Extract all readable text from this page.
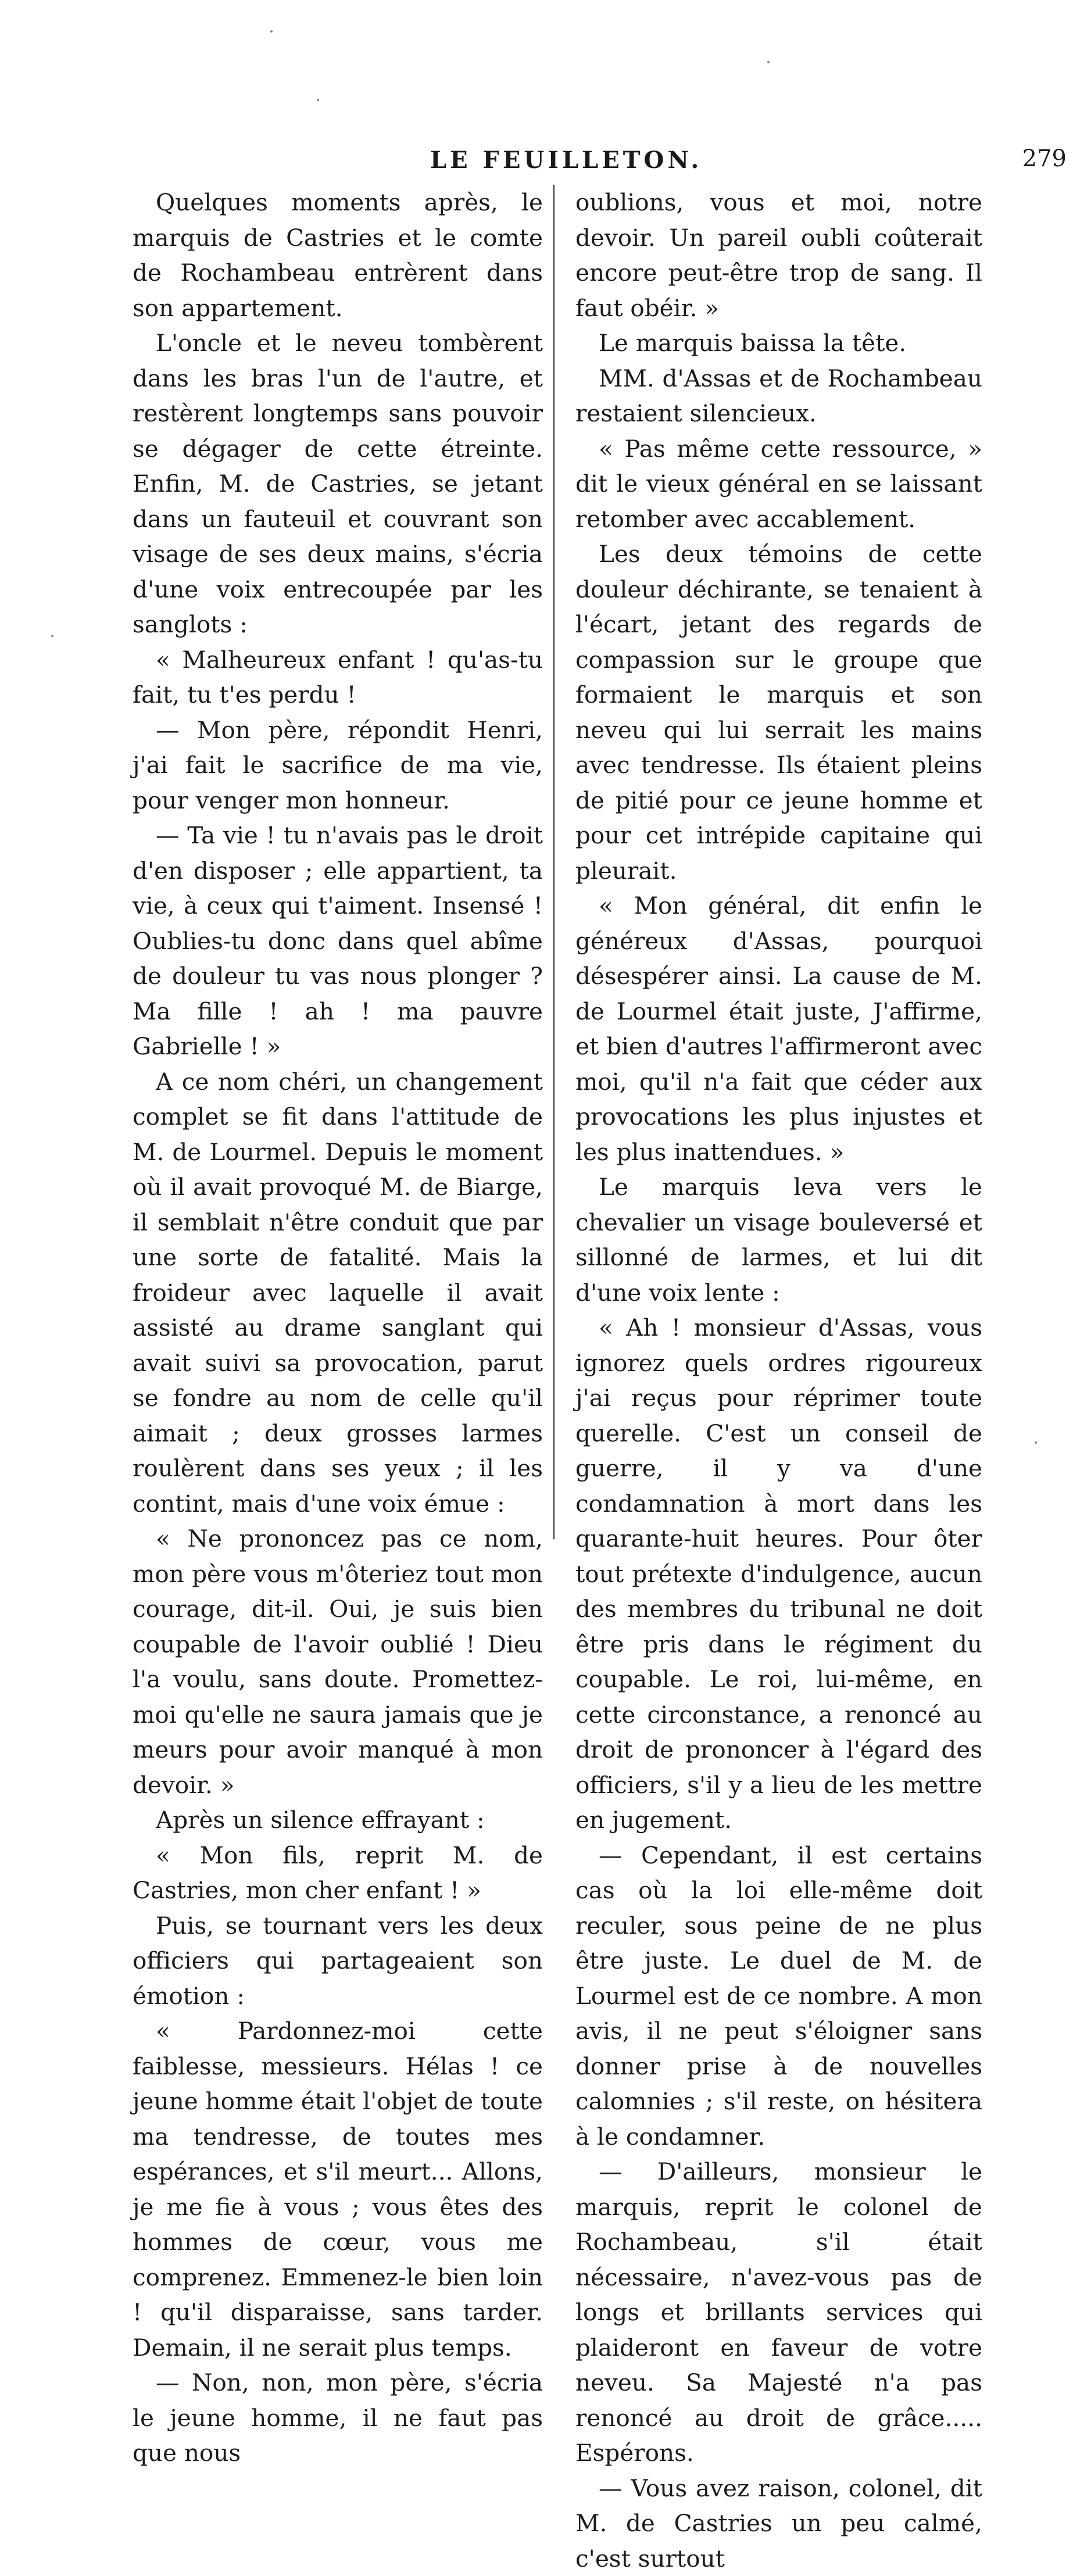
LE FEUILLETON.	279

Quelques moments après, le marquis de Castries et le comte de Rochambeau entrèrent dans son appartement.

L'oncle et le neveu tombèrent dans les bras l'un de l'autre, et restèrent longtemps sans pouvoir se dégager de cette étreinte. Enfin, M. de Castries, se jetant dans un fauteuil et couvrant son visage de ses deux mains, s'écria d'une voix entrecoupée par les sanglots :

« Malheureux enfant ! qu'as-tu fait, tu t'es perdu !

— Mon père, répondit Henri, j'ai fait le sacrifice de ma vie, pour venger mon honneur.

— Ta vie ! tu n'avais pas le droit d'en disposer ; elle appartient, ta vie, à ceux qui t'aiment. Insensé ! Oublies-tu donc dans quel abîme de douleur tu vas nous plonger ? Ma fille ! ah ! ma pauvre Gabrielle ! »

A ce nom chéri, un changement complet se fit dans l'attitude de M. de Lourmel. Depuis le moment où il avait provoqué M. de Biarge, il semblait n'être conduit que par une sorte de fatalité. Mais la froideur avec laquelle il avait assisté au drame sanglant qui avait suivi sa provocation, parut se fondre au nom de celle qu'il aimait ; deux grosses larmes roulèrent dans ses yeux ; il les contint, mais d'une voix émue :

« Ne prononcez pas ce nom, mon père vous m'ôteriez tout mon courage, dit-il. Oui, je suis bien coupable de l'avoir oublié ! Dieu l'a voulu, sans doute. Promettez-moi qu'elle ne saura jamais que je meurs pour avoir manqué à mon devoir. »

Après un silence effrayant :

« Mon fils, reprit M. de Castries, mon cher enfant ! »

Puis, se tournant vers les deux officiers qui partageaient son émotion :

« Pardonnez-moi cette faiblesse, messieurs. Hélas ! ce jeune homme était l'objet de toute ma tendresse, de toutes mes espérances, et s'il meurt... Allons, je me fie à vous ; vous êtes des hommes de cœur, vous me comprenez. Emmenez-le bien loin ! qu'il disparaisse, sans tarder. Demain, il ne serait plus temps.

— Non, non, mon père, s'écria le jeune homme, il ne faut pas que nous

oublions, vous et moi, notre devoir. Un pareil oubli coûterait encore peut-être trop de sang. Il faut obéir. »

Le marquis baissa la tête.

MM. d'Assas et de Rochambeau restaient silencieux.

« Pas même cette ressource, » dit le vieux général en se laissant retomber avec accablement.

Les deux témoins de cette douleur déchirante, se tenaient à l'écart, jetant des regards de compassion sur le groupe que formaient le marquis et son neveu qui lui serrait les mains avec tendresse. Ils étaient pleins de pitié pour ce jeune homme et pour cet intrépide capitaine qui pleurait.

« Mon général, dit enfin le généreux d'Assas, pourquoi désespérer ainsi. La cause de M. de Lourmel était juste, J'affirme, et bien d'autres l'affirmeront avec moi, qu'il n'a fait que céder aux provocations les plus injustes et les plus inattendues. »

Le marquis leva vers le chevalier un visage bouleversé et sillonné de larmes, et lui dit d'une voix lente :

« Ah ! monsieur d'Assas, vous ignorez quels ordres rigoureux j'ai reçus pour réprimer toute querelle. C'est un conseil de guerre, il y va d'une condamnation à mort dans les quarante-huit heures. Pour ôter tout prétexte d'indulgence, aucun des membres du tribunal ne doit être pris dans le régiment du coupable. Le roi, lui-même, en cette circonstance, a renoncé au droit de prononcer à l'égard des officiers, s'il y a lieu de les mettre en jugement.

— Cependant, il est certains cas où la loi elle-même doit reculer, sous peine de ne plus être juste. Le duel de M. de Lourmel est de ce nombre. A mon avis, il ne peut s'éloigner sans donner prise à de nouvelles calomnies ; s'il reste, on hésitera à le condamner.

— D'ailleurs, monsieur le marquis, reprit le colonel de Rochambeau, s'il était nécessaire, n'avez-vous pas de longs et brillants services qui plaideront en faveur de votre neveu. Sa Majesté n'a pas renoncé au droit de grâce..... Espérons.

— Vous avez raison, colonel, dit M. de Castries un peu calmé, c'est surtout
